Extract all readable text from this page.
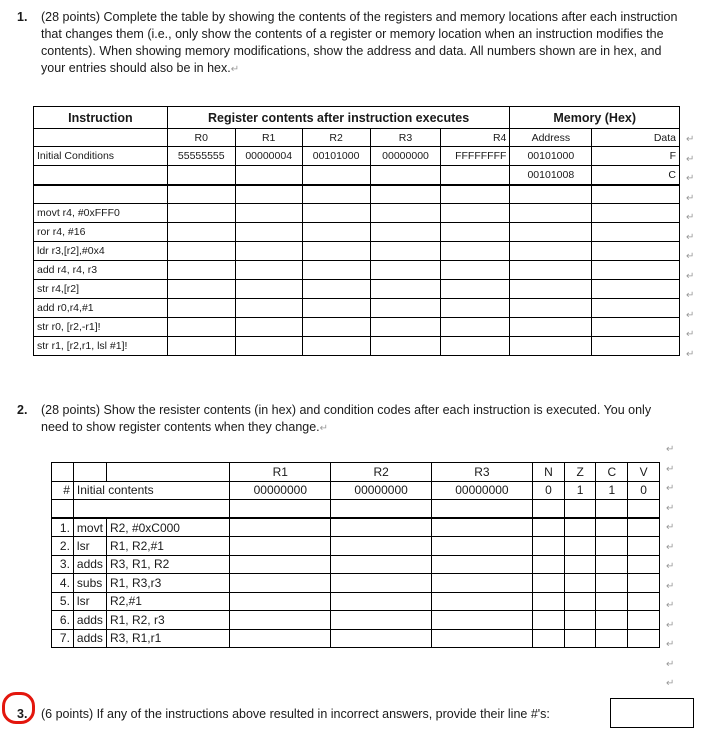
1. (28 points) Complete the table by showing the contents of the registers and memory locations after each instruction that changes them (i.e., only show the contents of a register or memory location when an instruction modifies the contents). When showing memory modifications, show the address and data. All numbers shown are in hex, and your entries should also be in hex.↵
Instruction	Register contents after instruction executes					Memory (Hex)	
	R0	R1	R2	R3	R4	Address	Data
Initial Conditions	55555555	00000004	00101000	00000000	FFFFFFFF	00101000	F
						00101008	C

movt r4, #0xFFF0							
ror r4, #16							
ldr r3,[r2],#0x4							
add r4, r4, r3							
str r4,[r2]							
add r0,r4,#1							
str r0, [r2,-r1]!							
str r1, [r2,r1, lsl #1]!							
2. (28 points) Show the resister contents (in hex) and condition codes after each instruction is executed. You only need to show register contents when they change.↵
			R1	R2	R3	N	Z	C	V
#	Initial contents		00000000	00000000	00000000	0	1	1	0

1.	movt	R2, #0xC000							
2.	lsr	R1, R2,#1							
3.	adds	R3, R1, R2							
4.	subs	R1, R3,r3							
5.	lsr	R2,#1							
6.	adds	R1, R2, r3							
7.	adds	R3, R1,r1							
↵
↵
↵
↵
↵
↵
↵
↵
↵
↵
↵
↵
↵
↵
↵
↵
↵
↵
↵
↵
↵
↵
↵
↵
↵
3. (6 points) If any of the instructions above resulted in incorrect answers, provide their line #'s:
